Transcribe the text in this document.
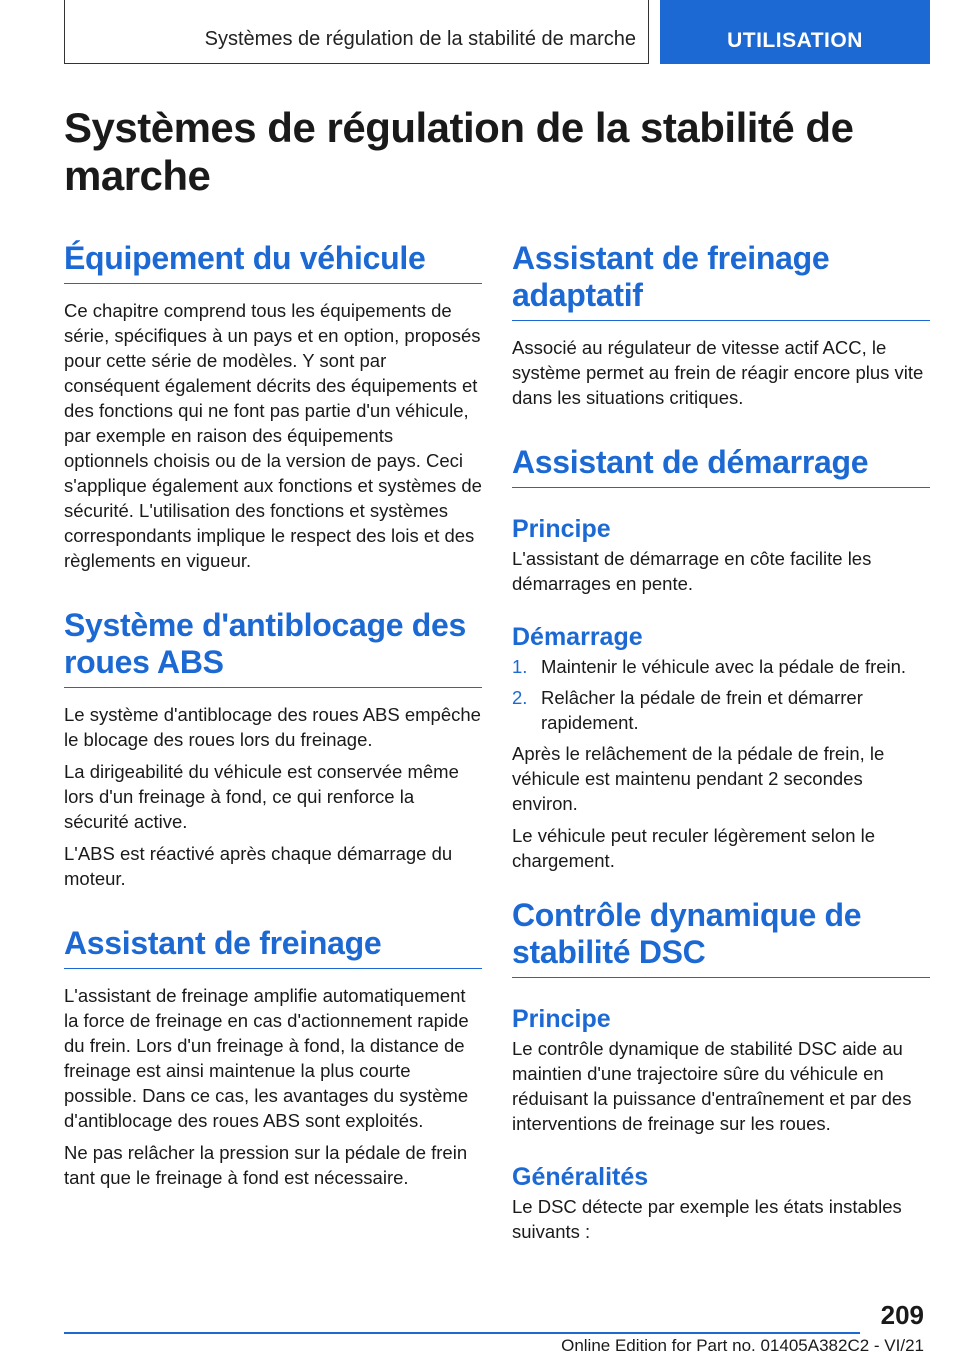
Systèmes de régulation de la stabilité de marche	UTILISATION
Systèmes de régulation de la stabilité de marche
Équipement du véhicule

Ce chapitre comprend tous les équipements de série, spécifiques à un pays et en option, proposés pour cette série de modèles. Y sont par conséquent également décrits des équipements et des fonctions qui ne font pas partie d'un véhicule, par exemple en raison des équipements optionnels choisis ou de la version de pays. Ceci s'applique également aux fonctions et systèmes de sécurité. L'utilisation des fonctions et systèmes correspondants implique le respect des lois et des règlements en vigueur.

Système d'antiblocage des roues ABS

Le système d'antiblocage des roues ABS empêche le blocage des roues lors du freinage.

La dirigeabilité du véhicule est conservée même lors d'un freinage à fond, ce qui renforce la sécurité active.

L'ABS est réactivé après chaque démarrage du moteur.

Assistant de freinage

L'assistant de freinage amplifie automatiquement la force de freinage en cas d'actionnement rapide du frein. Lors d'un freinage à fond, la distance de freinage est ainsi maintenue la plus courte possible. Dans ce cas, les avantages du système d'antiblocage des roues ABS sont exploités.

Ne pas relâcher la pression sur la pédale de frein tant que le freinage à fond est nécessaire.

Assistant de freinage adaptatif

Associé au régulateur de vitesse actif ACC, le système permet au frein de réagir encore plus vite dans les situations critiques.

Assistant de démarrage
Principe

L'assistant de démarrage en côte facilite les démarrages en pente.

Démarrage
1. Maintenir le véhicule avec la pédale de frein.
2. Relâcher la pédale de frein et démarrer rapidement.

Après le relâchement de la pédale de frein, le véhicule est maintenu pendant 2 secondes environ.

Le véhicule peut reculer légèrement selon le chargement.

Contrôle dynamique de stabilité DSC
Principe

Le contrôle dynamique de stabilité DSC aide au maintien d'une trajectoire sûre du véhicule en réduisant la puissance d'entraînement et par des interventions de freinage sur les roues.

Généralités

Le DSC détecte par exemple les états instables suivants :

209
Online Edition for Part no. 01405A382C2 - VI/21
